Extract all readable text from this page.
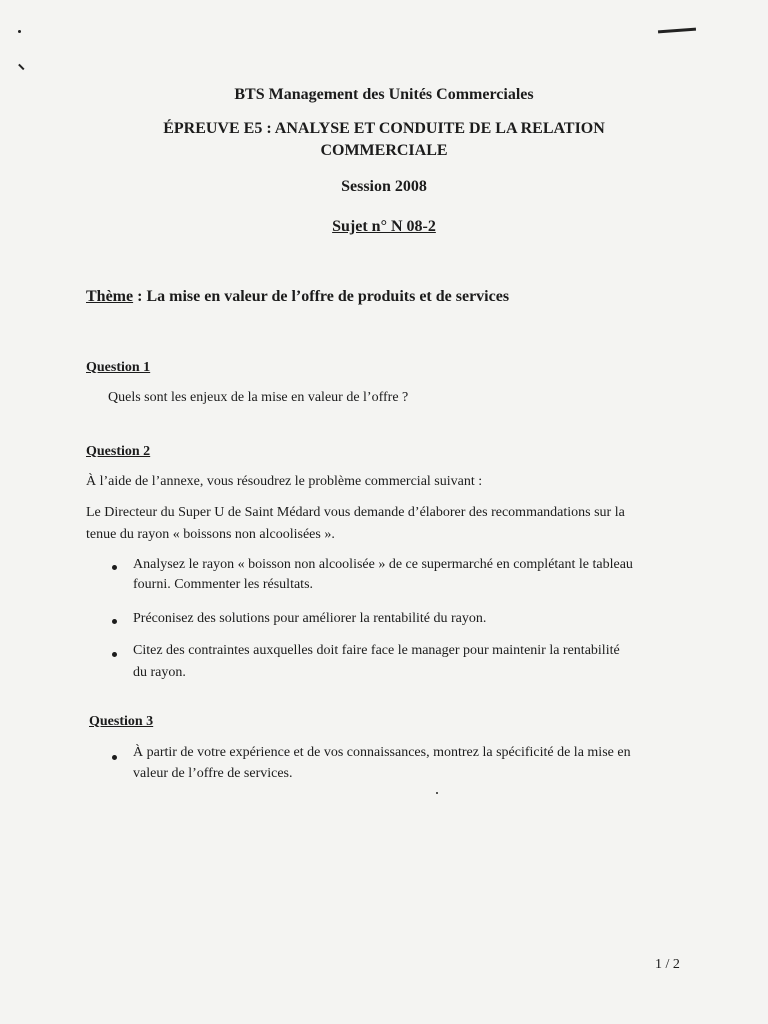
BTS Management des Unités Commerciales
ÉPREUVE E5 : ANALYSE ET CONDUITE DE LA RELATION
COMMERCIALE
Session 2008
Sujet n° N 08-2
Thème : La mise en valeur de l’offre de produits et de services
Question 1
Quels sont les enjeux de la mise en valeur de l’offre ?
Question 2
À l’aide de l’annexe, vous résoudrez le problème commercial suivant :
Le Directeur du Super U de Saint Médard vous demande d’élaborer des recommandations sur la
tenue du rayon « boissons non alcoolisées ».
Analysez le rayon « boisson non alcoolisée » de ce supermarché en complétant le tableau
fourni. Commenter les résultats.
Préconisez des solutions pour améliorer la rentabilité du rayon.
Citez des contraintes auxquelles doit faire face le manager pour maintenir la rentabilité
du rayon.
Question 3
À partir de votre expérience et de vos connaissances, montrez la spécificité de la mise en
valeur de l’offre de services.
1 / 2
